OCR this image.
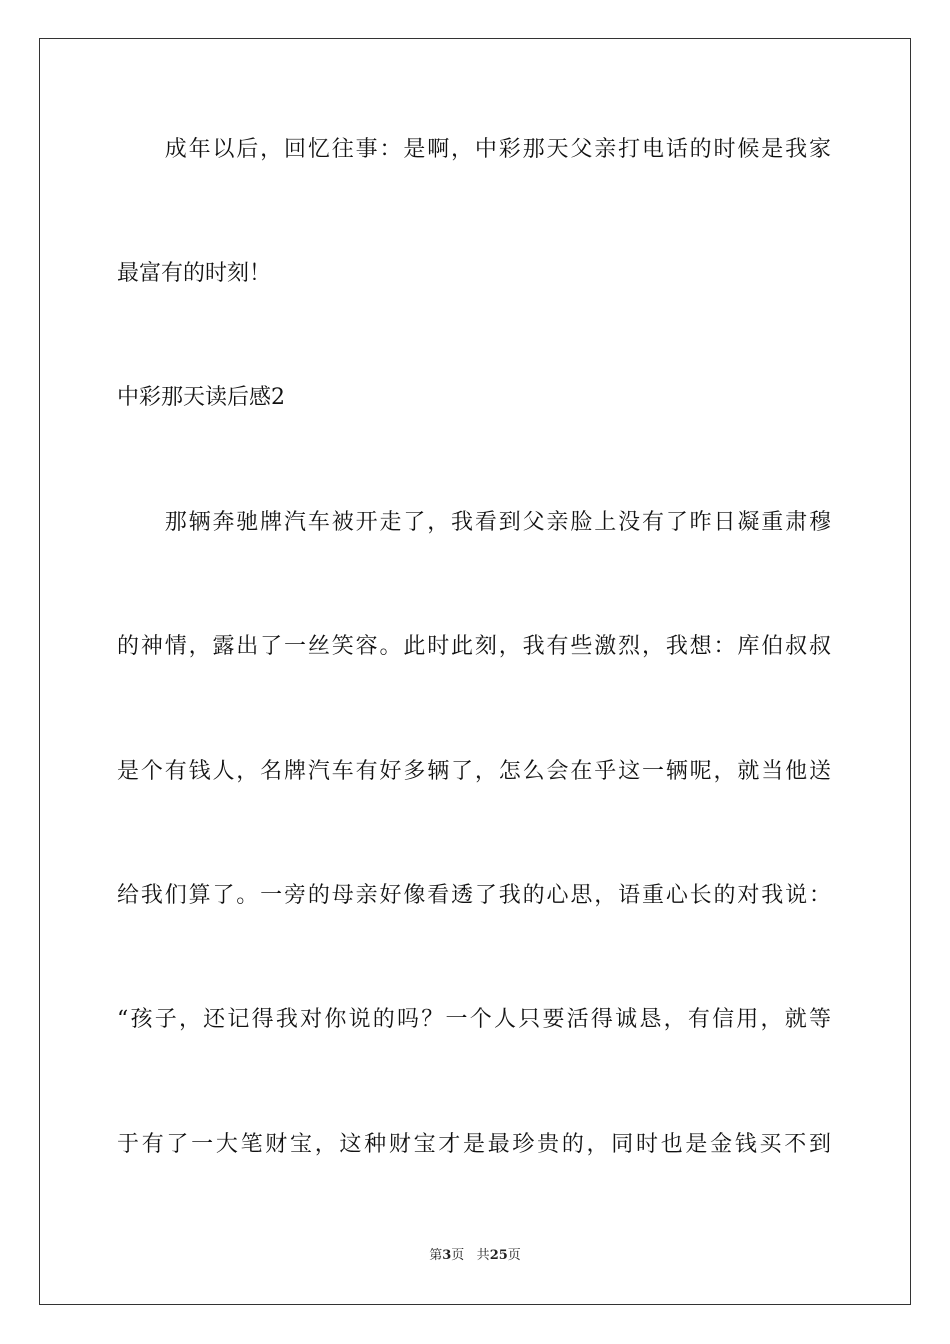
　　成年以后，回忆往事：是啊，中彩那天父亲打电话的时候是我家
最富有的时刻！
中彩那天读后感2
　　那辆奔驰牌汽车被开走了，我看到父亲脸上没有了昨日凝重肃穆
的神情，露出了一丝笑容。此时此刻，我有些激烈，我想：库伯叔叔
是个有钱人，名牌汽车有好多辆了，怎么会在乎这一辆呢，就当他送
给我们算了。一旁的母亲好像看透了我的心思，语重心长的对我说：
“孩子，还记得我对你说的吗？一个人只要活得诚恳，有信用，就等
于有了一大笔财宝，这种财宝才是最珍贵的，同时也是金钱买不到
第3页 共25页
